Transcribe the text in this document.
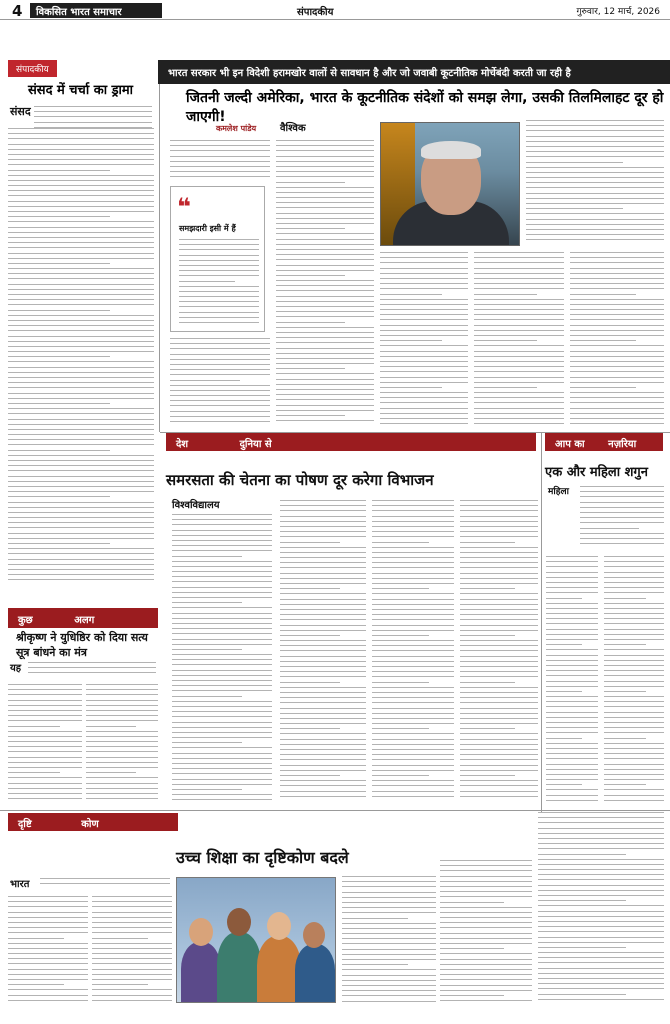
4	विकसित भारत समाचार	संपादकीय	गुरुवार, 12 मार्च, 2026
संपादकीय
संसद में चर्चा का ड्रामा
संसद
भारत सरकार भी इन विदेशी हरामखोर वालों से सावधान है और जो जवाबी कूटनीतिक मोर्चेबंदी करती जा रही है
जितनी जल्दी अमेरिका, भारत के कूटनीतिक संदेशों को समझ लेगा, उसकी तिलमिलाहट दूर हो जाएगी!
कमलेश पांडेय वैश्विक
❝
समझदारी इसी में हैं
देश	दुनिया से
समरसता की चेतना का पोषण दूर करेगा विभाजन
विश्वविद्यालय
आप का नज़रिया
एक और महिला शगुन
महिला
कुछ	अलग
श्रीकृष्ण ने युधिष्ठिर को दिया सत्य सूत्र बांधने का मंत्र
यह
दृष्टि	कोण
उच्च शिक्षा का दृष्टिकोण बदले
भारत
